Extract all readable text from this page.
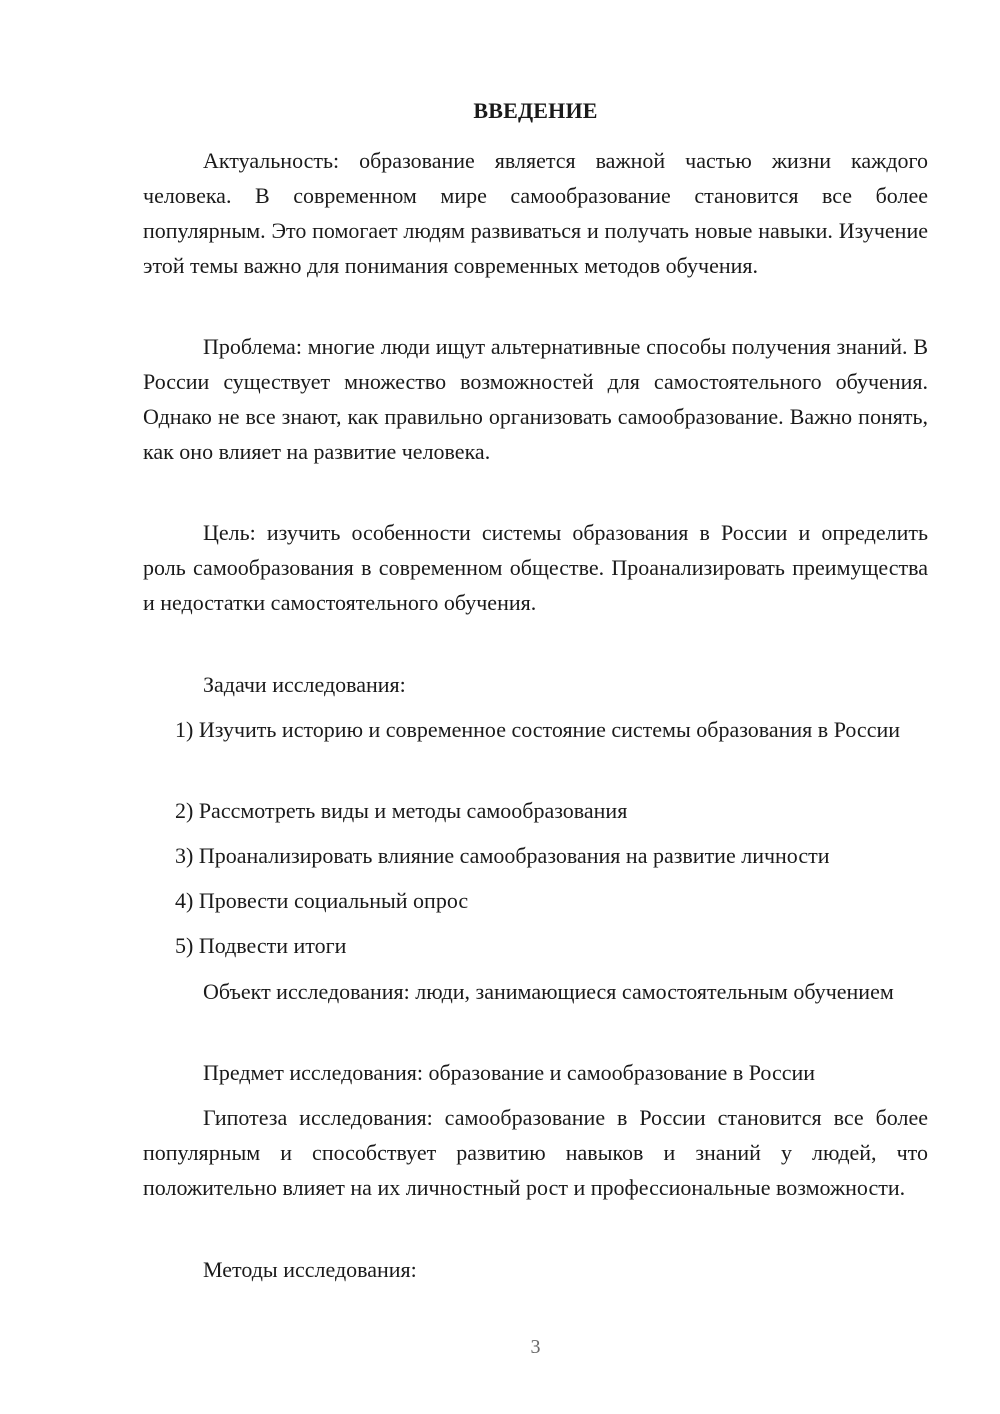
ВВЕДЕНИЕ

Актуальность: образование является важной частью жизни каждого человека. В современном мире самообразование становится все более популярным. Это помогает людям развиваться и получать новые навыки. Изучение этой темы важно для понимания современных методов обучения.

Проблема: многие люди ищут альтернативные способы получения знаний. В России существует множество возможностей для самостоятельного обучения. Однако не все знают, как правильно организовать самообразование. Важно понять, как оно влияет на развитие человека.

Цель: изучить особенности системы образования в России и определить роль самообразования в современном обществе. Проанализировать преимущества и недостатки самостоятельного обучения.

Задачи исследования:

1) Изучить историю и современное состояние системы образования в России

2) Рассмотреть виды и методы самообразования

3) Проанализировать влияние самообразования на развитие личности

4) Провести социальный опрос

5) Подвести итоги

Объект исследования: люди, занимающиеся самостоятельным обучением

Предмет исследования: образование и самообразование в России

Гипотеза исследования: самообразование в России становится все более популярным и способствует развитию навыков и знаний у людей, что положительно влияет на их личностный рост и профессиональные возможности.

Методы исследования:

3
